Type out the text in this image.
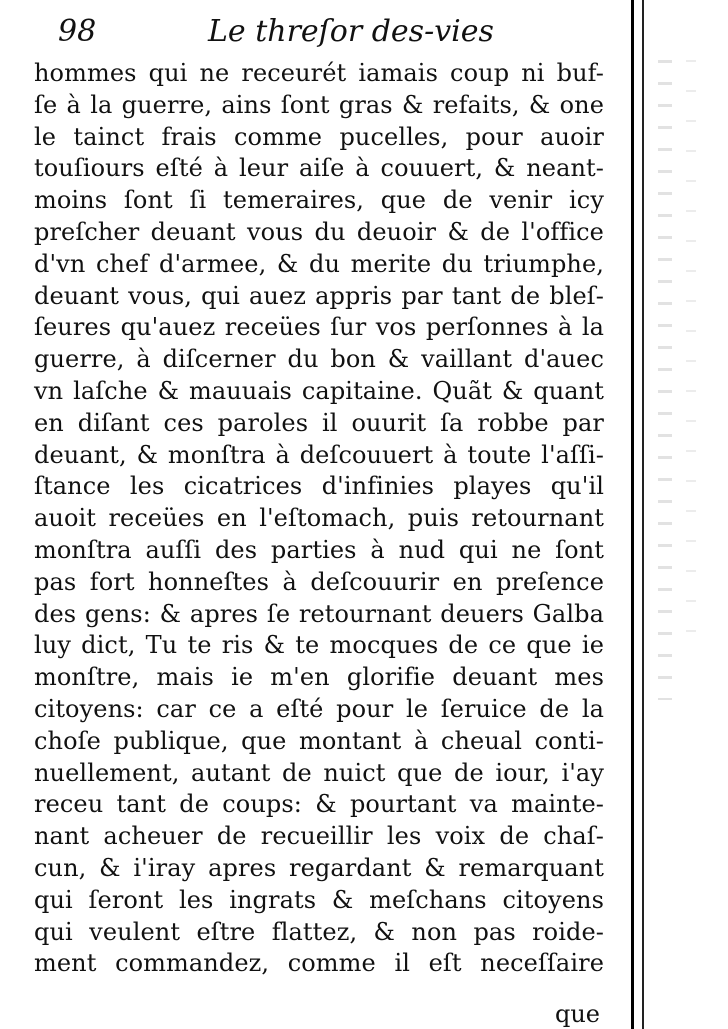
98	Le threſor des-vies
hommes qui ne receurét iamais coup ni buf-
ſe à la guerre, ains ſont gras & refaits, & one
le tainct frais comme pucelles, pour auoir
touſiours eſté à leur aiſe à couuert, & neant-
moins ſont ſi temeraires, que de venir icy
preſcher deuant vous du deuoir & de l'office
d'vn chef d'armee, & du merite du triumphe,
deuant vous, qui auez appris par tant de bleſ-
ſeures qu'auez receües ſur vos perſonnes à la
guerre, à diſcerner du bon & vaillant d'auec
vn laſche & mauuais capitaine. Quãt & quant
en diſant ces paroles il ouurit ſa robbe par
deuant, & monſtra à deſcouuert à toute l'aſſi-
ſtance les cicatrices d'infinies playes qu'il
auoit receües en l'eſtomach, puis retournant
monſtra auſſi des parties à nud qui ne ſont
pas fort honneſtes à deſcouurir en preſence
des gens: & apres ſe retournant deuers Galba
luy dict, Tu te ris & te mocques de ce que ie
monſtre, mais ie m'en glorifie deuant mes
citoyens: car ce a eſté pour le ſeruice de la
choſe publique, que montant à cheual conti-
nuellement, autant de nuict que de iour, i'ay
receu tant de coups: & pourtant va mainte-
nant acheuer de recueillir les voix de chaſ-
cun, & i'iray apres regardant & remarquant
qui ſeront les ingrats & meſchans citoyens
qui veulent eſtre flattez, & non pas roide-
ment commandez, comme il eſt neceſſaire
que
